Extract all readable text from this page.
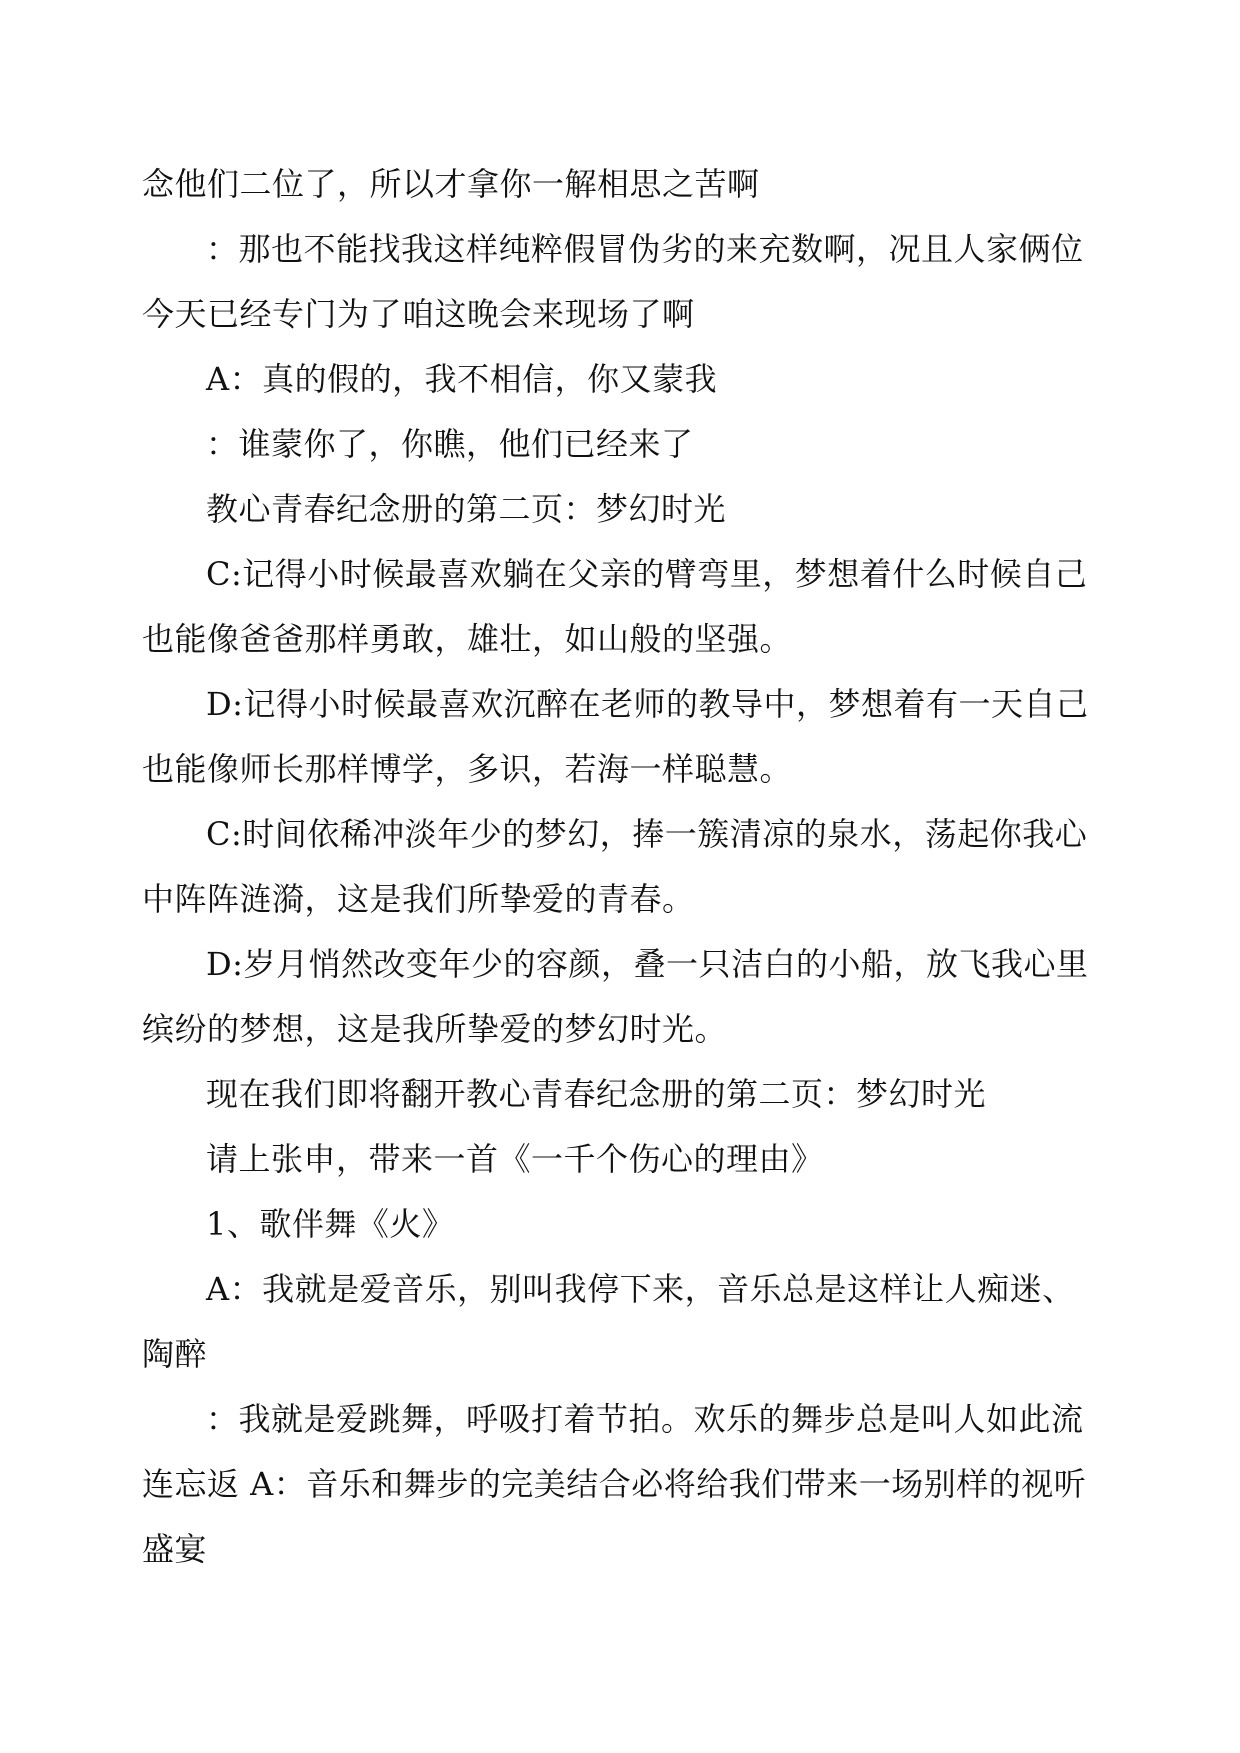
念他们二位了，所以才拿你一解相思之苦啊

：那也不能找我这样纯粹假冒伪劣的来充数啊，况且人家俩位今天已经专门为了咱这晚会来现场了啊

A：真的假的，我不相信，你又蒙我

：谁蒙你了，你瞧，他们已经来了

教心青春纪念册的第二页：梦幻时光

C:记得小时候最喜欢躺在父亲的臂弯里，梦想着什么时候自己也能像爸爸那样勇敢，雄壮，如山般的坚强。

D:记得小时候最喜欢沉醉在老师的教导中，梦想着有一天自己也能像师长那样博学，多识，若海一样聪慧。

C:时间依稀冲淡年少的梦幻，捧一簇清凉的泉水，荡起你我心中阵阵涟漪，这是我们所挚爱的青春。

D:岁月悄然改变年少的容颜，叠一只洁白的小船，放飞我心里缤纷的梦想，这是我所挚爱的梦幻时光。

现在我们即将翻开教心青春纪念册的第二页：梦幻时光

请上张申，带来一首《一千个伤心的理由》

1、歌伴舞《火》

A：我就是爱音乐，别叫我停下来，音乐总是这样让人痴迷、陶醉

：我就是爱跳舞，呼吸打着节拍。欢乐的舞步总是叫人如此流连忘返 A：音乐和舞步的完美结合必将给我们带来一场别样的视听盛宴
